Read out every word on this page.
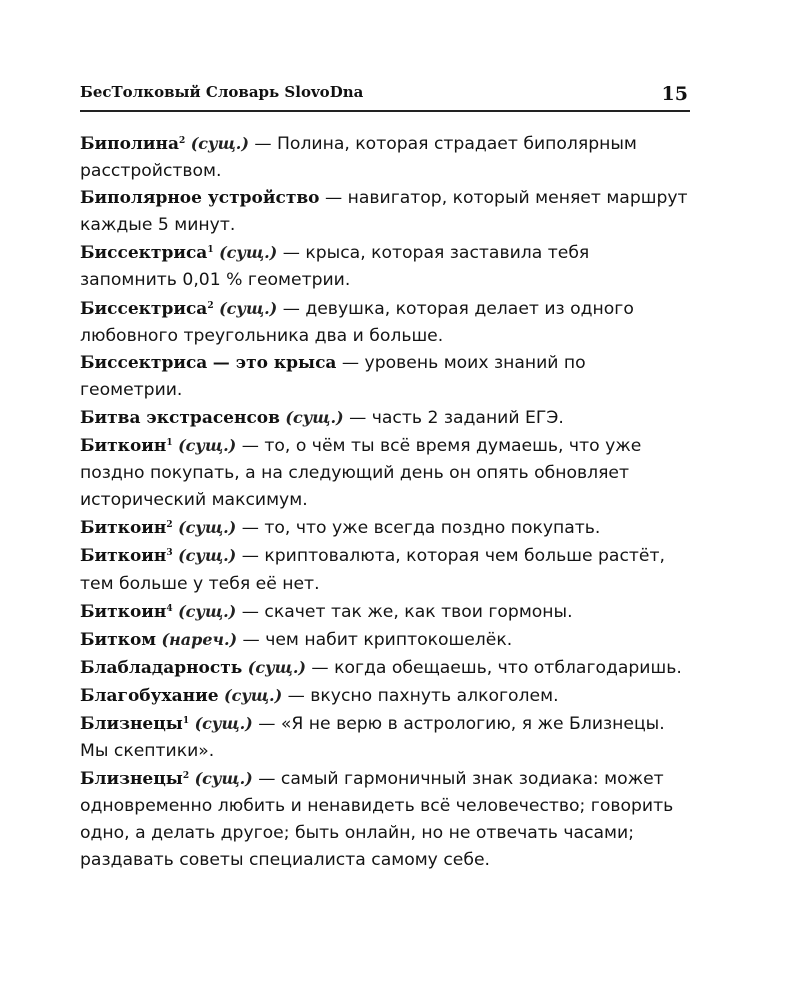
БесТолковый Словарь SlovoDna	15

Биполина$^2$ (сущ.) — Полина, которая страдает биполярным расстройством.

Биполярное устройство — навигатор, который меняет маршрут каждые 5 минут.

Биссектриса$^1$ (сущ.) — крыса, которая заставила тебя запомнить 0,01 % геометрии.

Биссектриса$^2$ (сущ.) — девушка, которая делает из одного любовного треугольника два и больше.

Биссектриса — это крыса — уровень моих знаний по геометрии.

Битва экстрасенсов (сущ.) — часть 2 заданий ЕГЭ.

Биткоин$^1$ (сущ.) — то, о чём ты всё время думаешь, что уже поздно покупать, а на следующий день он опять обновляет исторический максимум.

Биткоин$^2$ (сущ.) — то, что уже всегда поздно покупать.

Биткоин$^3$ (сущ.) — криптовалюта, которая чем больше растёт, тем больше у тебя её нет.

Биткоин$^4$ (сущ.) — скачет так же, как твои гормоны.

Битком (нареч.) — чем набит криптокошелёк.

Блабладарность (сущ.) — когда обещаешь, что отблагодаришь.

Благобухание (сущ.) — вкусно пахнуть алкоголем.

Близнецы$^1$ (сущ.) — «Я не верю в астрологию, я же Близнецы. Мы скептики».

Близнецы$^2$ (сущ.) — самый гармоничный знак зодиака: может одновременно любить и ненавидеть всё человечество; говорить одно, а делать другое; быть онлайн, но не отвечать часами; раздавать советы специалиста самому себе.
